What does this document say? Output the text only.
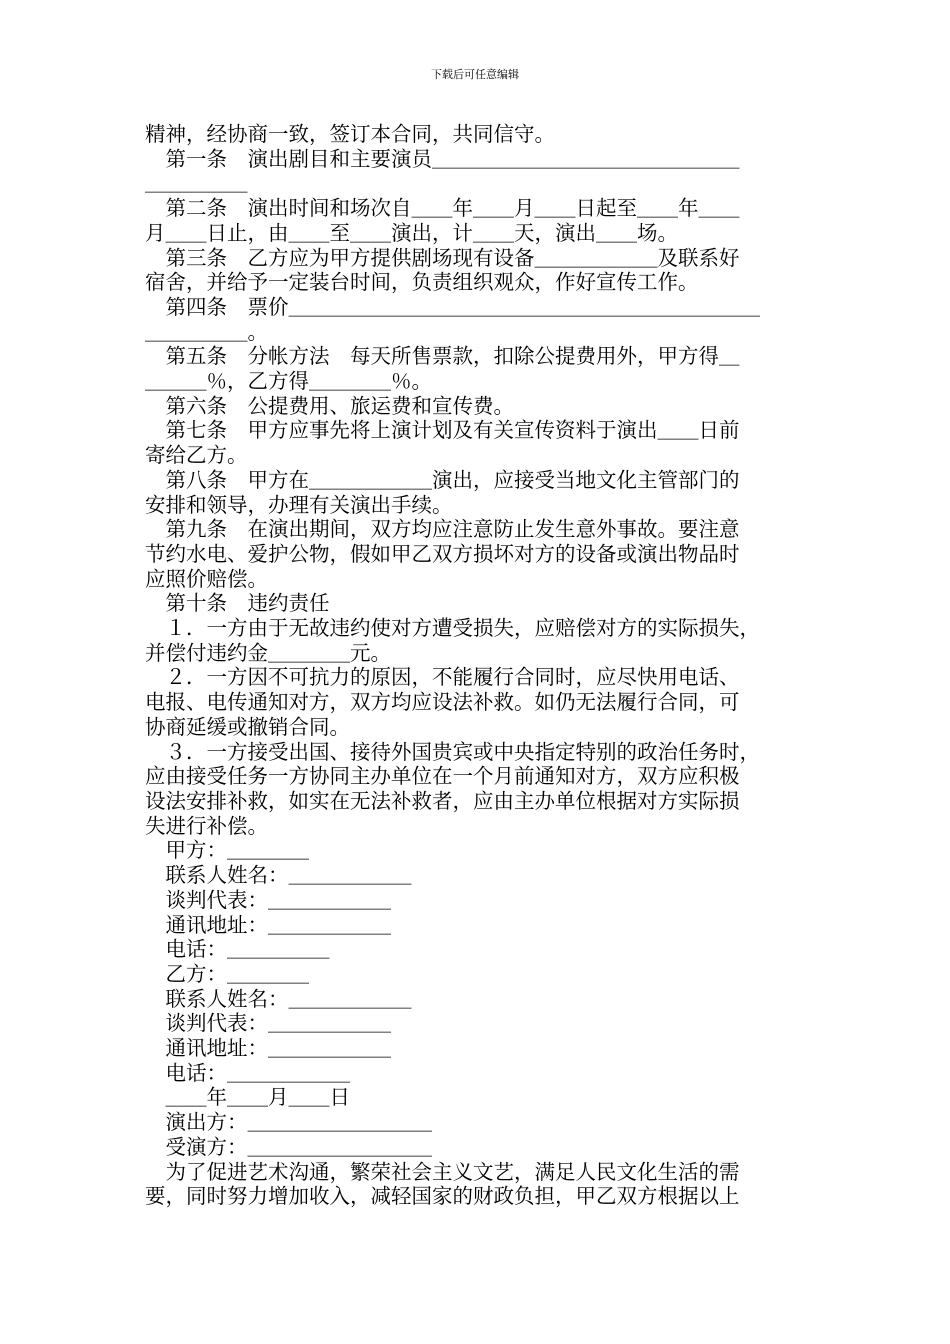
下载后可任意编辑
精神，经协商一致，签订本合同，共同信守。
　第一条　演出剧目和主要演员＿＿＿＿＿＿＿＿＿＿＿＿＿＿＿
＿＿＿＿＿
　第二条　演出时间和场次自＿＿年＿＿月＿＿日起至＿＿年＿＿
月＿＿日止，由＿＿至＿＿演出，计＿＿天，演出＿＿场。
　第三条　乙方应为甲方提供剧场现有设备＿＿＿＿＿＿及联系好
宿舍，并给予一定装台时间，负责组织观众，作好宣传工作。
　第四条　票价＿＿＿＿＿＿＿＿＿＿＿＿＿＿＿＿＿＿＿＿＿＿＿
＿＿＿＿＿。
　第五条　分帐方法　每天所售票款，扣除公提费用外，甲方得＿
＿＿＿％，乙方得＿＿＿＿％。
　第六条　公提费用、旅运费和宣传费。
　第七条　甲方应事先将上演计划及有关宣传资料于演出＿＿日前
寄给乙方。
　第八条　甲方在＿＿＿＿＿＿演出，应接受当地文化主管部门的
安排和领导，办理有关演出手续。
　第九条　在演出期间，双方均应注意防止发生意外事故。要注意
节约水电、爱护公物，假如甲乙双方损坏对方的设备或演出物品时
应照价赔偿。
　第十条　违约责任
　１．一方由于无故违约使对方遭受损失，应赔偿对方的实际损失，
并偿付违约金＿＿＿＿元。
　２．一方因不可抗力的原因，不能履行合同时，应尽快用电话、
电报、电传通知对方，双方均应设法补救。如仍无法履行合同，可
协商延缓或撤销合同。
　３．一方接受出国、接待外国贵宾或中央指定特别的政治任务时，
应由接受任务一方协同主办单位在一个月前通知对方，双方应积极
设法安排补救，如实在无法补救者，应由主办单位根据对方实际损
失进行补偿。
　甲方：＿＿＿＿
　联系人姓名：＿＿＿＿＿＿
　谈判代表：＿＿＿＿＿＿
　通讯地址：＿＿＿＿＿＿
　电话：＿＿＿＿＿
　乙方：＿＿＿＿
　联系人姓名：＿＿＿＿＿＿
　谈判代表：＿＿＿＿＿＿
　通讯地址：＿＿＿＿＿＿
　电话：＿＿＿＿＿＿
　＿＿年＿＿月＿＿日
　演出方：＿＿＿＿＿＿＿＿＿
　受演方：＿＿＿＿＿＿＿＿＿
　为了促进艺术沟通，繁荣社会主义文艺，满足人民文化生活的需
要，同时努力增加收入，减轻国家的财政负担，甲乙双方根据以上
